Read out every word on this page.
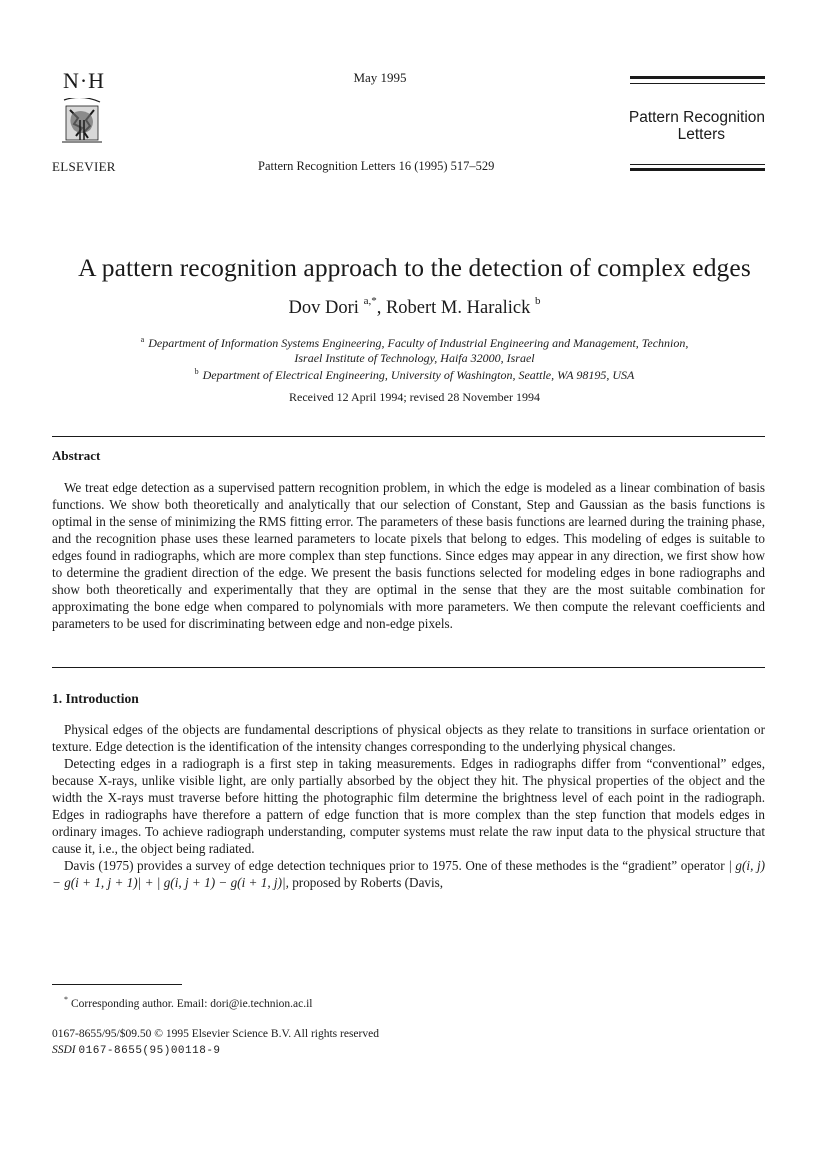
N·H
ELSEVIER
May 1995
Pattern Recognition Letters 16 (1995) 517–529
Pattern Recognition
Letters
A pattern recognition approach to the detection of complex edges
Dov Dori $^{a,*}$, Robert M. Haralick $^b$
$^a$ Department of Information Systems Engineering, Faculty of Industrial Engineering and Management, Technion,
Israel Institute of Technology, Haifa 32000, Israel
$^b$ Department of Electrical Engineering, University of Washington, Seattle, WA 98195, USA
Received 12 April 1994; revised 28 November 1994
Abstract

We treat edge detection as a supervised pattern recognition problem, in which the edge is modeled as a linear combination of basis functions. We show both theoretically and analytically that our selection of Constant, Step and Gaussian as the basis functions is optimal in the sense of minimizing the RMS fitting error. The parameters of these basis functions are learned during the training phase, and the recognition phase uses these learned parameters to locate pixels that belong to edges. This modeling of edges is suitable to edges found in radiographs, which are more complex than step functions. Since edges may appear in any direction, we first show how to determine the gradient direction of the edge. We present the basis functions selected for modeling edges in bone radiographs and show both theoretically and experimentally that they are optimal in the sense that they are the most suitable combination for approximating the bone edge when compared to polynomials with more parameters. We then compute the relevant coefficients and parameters to be used for discriminating between edge and non-edge pixels.

1. Introduction

Physical edges of the objects are fundamental descriptions of physical objects as they relate to transitions in surface orientation or texture. Edge detection is the identification of the intensity changes corresponding to the underlying physical changes.

Detecting edges in a radiograph is a first step in taking measurements. Edges in radiographs differ from “conventional” edges, because X-rays, unlike visible light, are only partially absorbed by the object they hit. The physical properties of the object and the width the X-rays must traverse before hitting the photographic film determine the brightness level of each point in the radiograph. Edges in radiographs have therefore a pattern of edge function that is more complex than the step function that models edges in ordinary images. To achieve radiograph understanding, computer systems must relate the raw input data to the physical structure that cause it, i.e., the object being radiated.

Davis (1975) provides a survey of edge detection techniques prior to 1975. One of these methodes is the “gradient” operator | g(i, j) − g(i + 1, j + 1)| + | g(i, j + 1) − g(i + 1, j)|, proposed by Roberts (Davis,

* Corresponding author. Email: dori@ie.technion.ac.il
0167-8655/95/$09.50 © 1995 Elsevier Science B.V. All rights reserved
SSDI 0167-8655(95)00118-9
